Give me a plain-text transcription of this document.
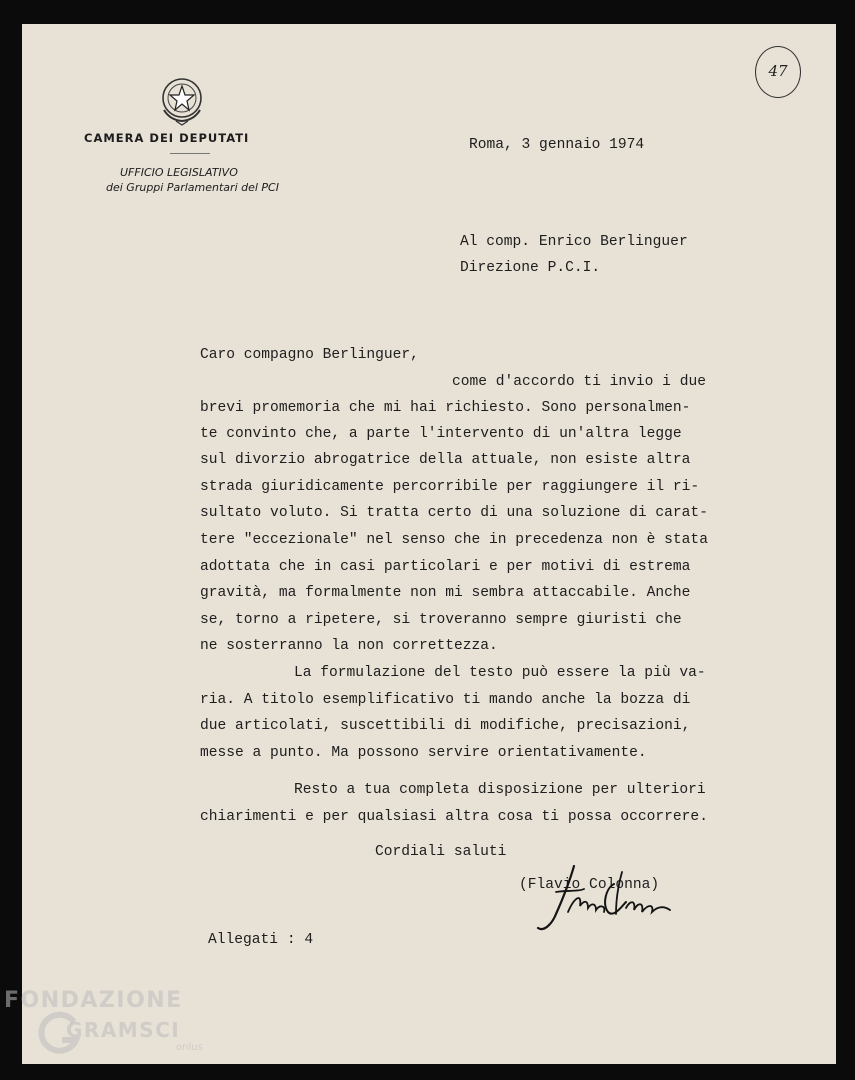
CAMERA DEI DEPUTATI
UFFICIO LEGISLATIVO
dei Gruppi Parlamentari del PCI
47
Roma, 3 gennaio 1974
Al comp. Enrico Berlinguer
Direzione P.C.I.
Caro compagno Berlinguer,
come d'accordo ti invio i due
brevi promemoria che mi hai richiesto. Sono personalmen-
te convinto che, a parte l'intervento di un'altra legge
sul divorzio abrogatrice della attuale, non esiste altra
strada giuridicamente percorribile per raggiungere il ri-
sultato voluto. Si tratta certo di una soluzione di carat-
tere "eccezionale" nel senso che in precedenza non è stata
adottata che in casi particolari e per motivi di estrema
gravità, ma formalmente non mi sembra attaccabile. Anche
se, torno a ripetere, si troveranno sempre giuristi che
ne sosterranno la non correttezza.
La formulazione del testo può essere la più va-
ria. A titolo esemplificativo ti mando anche la bozza di
due articolati, suscettibili di modifiche, precisazioni,
messe a punto. Ma possono servire orientativamente.
Resto a tua completa disposizione per ulteriori
chiarimenti e per qualsiasi altra cosa ti possa occorrere.
Cordiali saluti
(Flavio Colonna)
Allegati : 4
FONDAZIONE
GRAMSCI
onlus
